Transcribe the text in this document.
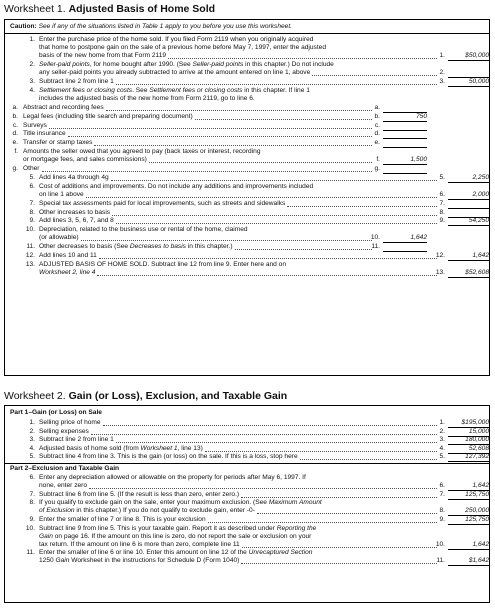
Worksheet 1. Adjusted Basis of Home Sold
Caution: See if any of the situations listed in Table 1 apply to you before you use this worksheet.
1. Enter the purchase price of the home sold. If you filed Form 2119 when you originally acquired
that home to postpone gain on the sale of a previous home before May 7, 1997, enter the adjusted
basis of the new home from that Form 2119	1.	$50,000
2. Seller-paid points, for home bought after 1990. (See Seller-paid points in this chapter.) Do not include
any seller-paid points you already subtracted to arrive at the amount entered on line 1, above	2.
3. Subtract line 2 from line 1	3.	50,000
4. Settlement fees or closing costs. See Settlement fees or closing costs in this chapter. If line 1
includes the adjusted basis of the new home from Form 2119, go to line 6.
a. Abstract and recording fees	a.
b. Legal fees (including title search and preparing document)	b.	750
c. Surveys	c.
d. Title insurance	d.
e. Transfer or stamp taxes	e.
f. Amounts the seller owed that you agreed to pay (back taxes or interest, recording
or mortgage fees, and sales commissions)	f.	1,500
g. Other	g.
5. Add lines 4a through 4g	5.	2,250
6. Cost of additions and improvements. Do not include any additions and improvements included
on line 1 above	6.	2,000
7. Special tax assessments paid for local improvements, such as streets and sidewalks	7.
8. Other increases to basis	8.
9. Add lines 3, 5, 6, 7, and 8	9.	54,250
10. Depreciation, related to the business use or rental of the home, claimed
(or allowable)	10.	1,642
11. Other decreases to basis (See Decreases to basis in this chapter.)	11.
12. Add lines 10 and 11	12.	1,642
13. ADJUSTED BASIS OF HOME SOLD. Subtract line 12 from line 9. Enter here and on
Worksheet 2, line 4	13.	$52,608
Worksheet 2. Gain (or Loss), Exclusion, and Taxable Gain
Part 1–Gain (or Loss) on Sale
1. Selling price of home	1.	$195,000
2. Selling expenses	2.	15,000
3. Subtract line 2 from line 1	3.	180,000
4. Adjusted basis of home sold (from Worksheet 1, line 13)	4.	52,608
5. Subtract line 4 from line 3. This is the gain (or loss) on the sale. If this is a loss, stop here	5.	127,392
Part 2–Exclusion and Taxable Gain
6. Enter any depreciation allowed or allowable on the property for periods after May 6, 1997. If
none, enter zero	6.	1,642
7. Subtract line 6 from line 5. (If the result is less than zero, enter zero.)	7.	125,750
8. If you qualify to exclude gain on the sale, enter your maximum exclusion. (See Maximum Amount
of Exclusion in this chapter.) If you do not qualify to exclude gain, enter -0-	8.	250,000
9. Enter the smaller of line 7 or line 8. This is your exclusion	9.	125,750
10. Subtract line 9 from line 5. This is your taxable gain. Report it as described under Reporting the
Gain on page 16. If the amount on this line is zero, do not report the sale or exclusion on your
tax return. If the amount on line 6 is more than zero, complete line 11	10.	1,642
11. Enter the smaller of line 6 or line 10. Enter this amount on line 12 of the Unrecaptured Section
1250 Gain Worksheet in the instructions for Schedule D (Form 1040)	11.	$1,642
